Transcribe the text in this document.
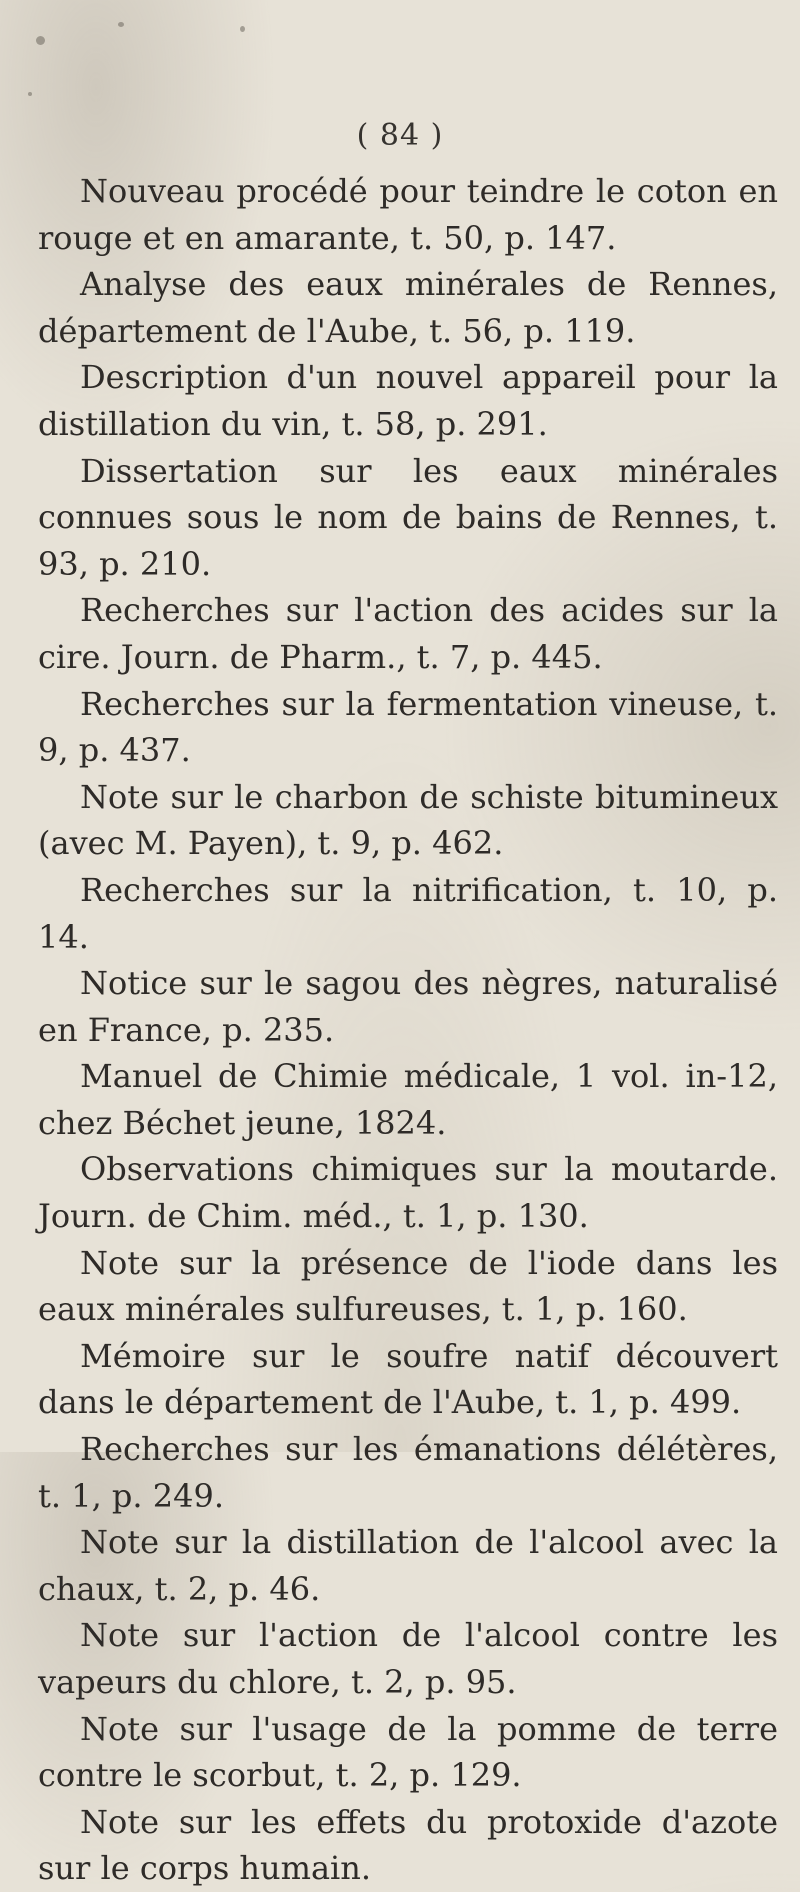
( 84 )
Nouveau procédé pour teindre le coton en rouge et en amarante, t. 50, p. 147.
Analyse des eaux minérales de Rennes, département de l'Aube, t. 56, p. 119.
Description d'un nouvel appareil pour la distillation du vin, t. 58, p. 291.
Dissertation sur les eaux minérales connues sous le nom de bains de Rennes, t. 93, p. 210.
Recherches sur l'action des acides sur la cire. Journ. de Pharm., t. 7, p. 445.
Recherches sur la fermentation vineuse, t. 9, p. 437.
Note sur le charbon de schiste bitumineux (avec M. Payen), t. 9, p. 462.
Recherches sur la nitrification, t. 10, p. 14.
Notice sur le sagou des nègres, naturalisé en France, p. 235.
Manuel de Chimie médicale, 1 vol. in-12, chez Béchet jeune, 1824.
Observations chimiques sur la moutarde. Journ. de Chim. méd., t. 1, p. 130.
Note sur la présence de l'iode dans les eaux minérales sulfureuses, t. 1, p. 160.
Mémoire sur le soufre natif découvert dans le département de l'Aube, t. 1, p. 499.
Recherches sur les émanations délétères, t. 1, p. 249.
Note sur la distillation de l'alcool avec la chaux, t. 2, p. 46.
Note sur l'action de l'alcool contre les vapeurs du chlore, t. 2, p. 95.
Note sur l'usage de la pomme de terre contre le scorbut, t. 2, p. 129.
Note sur les effets du protoxide d'azote sur le corps humain.
